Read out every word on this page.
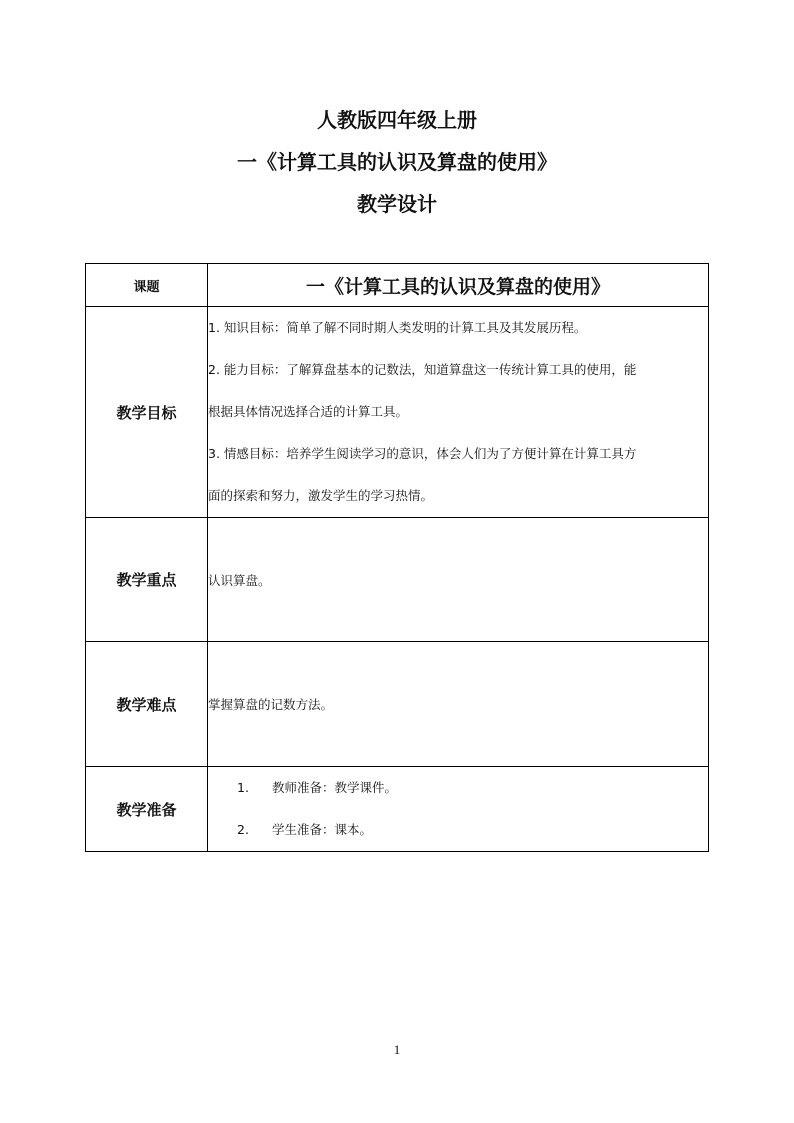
人教版四年级上册
一《计算工具的认识及算盘的使用》
教学设计
课题	一《计算工具的认识及算盘的使用》
教学目标	1. 知识目标：简单了解不同时期人类发明的计算工具及其发展历程。
2. 能力目标：了解算盘基本的记数法，知道算盘这一传统计算工具的使用，能
根据具体情况选择合适的计算工具。
3. 情感目标：培养学生阅读学习的意识，体会人们为了方便计算在计算工具方
面的探索和努力，激发学生的学习热情。

教学重点	认识算盘。
教学难点	掌握算盘的记数方法。
教学准备	1. 教师准备：教学课件。
2. 学生准备：课本。
1
